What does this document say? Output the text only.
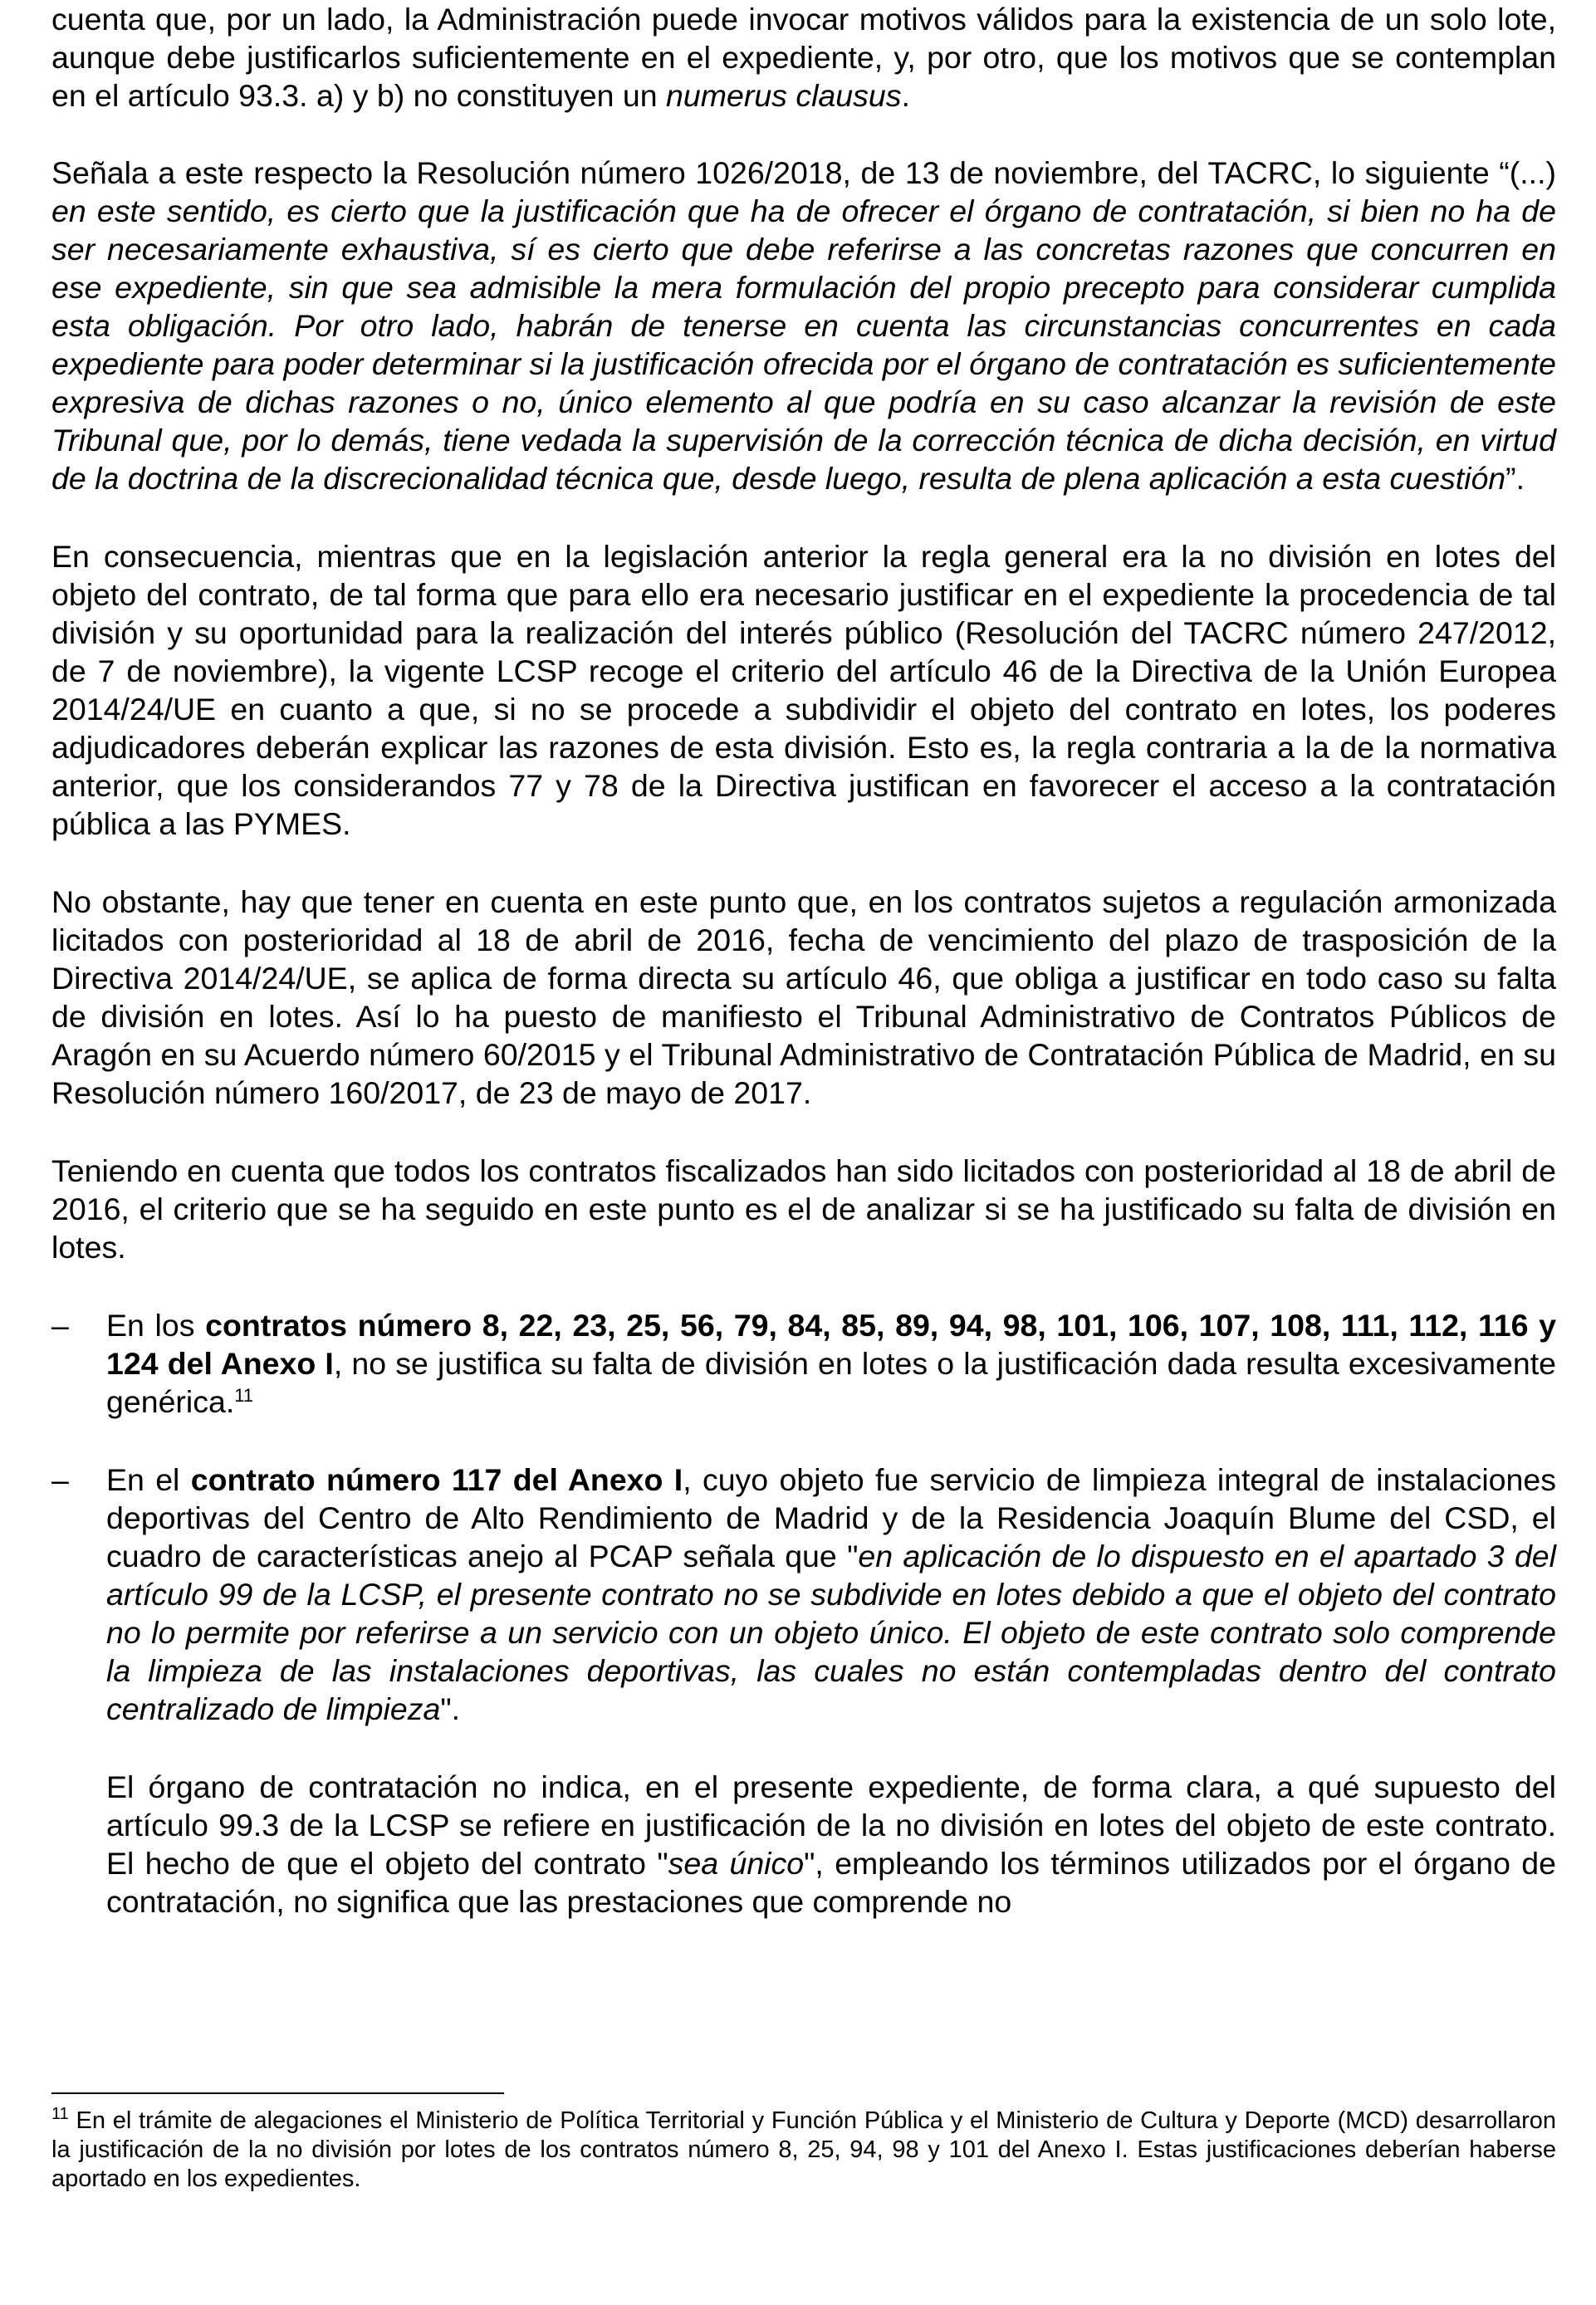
cuenta que, por un lado, la Administración puede invocar motivos válidos para la existencia de un solo lote, aunque debe justificarlos suficientemente en el expediente, y, por otro, que los motivos que se contemplan en el artículo 93.3. a) y b) no constituyen un numerus clausus.

Señala a este respecto la Resolución número 1026/2018, de 13 de noviembre, del TACRC, lo siguiente “(...) en este sentido, es cierto que la justificación que ha de ofrecer el órgano de contratación, si bien no ha de ser necesariamente exhaustiva, sí es cierto que debe referirse a las concretas razones que concurren en ese expediente, sin que sea admisible la mera formulación del propio precepto para considerar cumplida esta obligación. Por otro lado, habrán de tenerse en cuenta las circunstancias concurrentes en cada expediente para poder determinar si la justificación ofrecida por el órgano de contratación es suficientemente expresiva de dichas razones o no, único elemento al que podría en su caso alcanzar la revisión de este Tribunal que, por lo demás, tiene vedada la supervisión de la corrección técnica de dicha decisión, en virtud de la doctrina de la discrecionalidad técnica que, desde luego, resulta de plena aplicación a esta cuestión”.

En consecuencia, mientras que en la legislación anterior la regla general era la no división en lotes del objeto del contrato, de tal forma que para ello era necesario justificar en el expediente la procedencia de tal división y su oportunidad para la realización del interés público (Resolución del TACRC número 247/2012, de 7 de noviembre), la vigente LCSP recoge el criterio del artículo 46 de la Directiva de la Unión Europea 2014/24/UE en cuanto a que, si no se procede a subdividir el objeto del contrato en lotes, los poderes adjudicadores deberán explicar las razones de esta división. Esto es, la regla contraria a la de la normativa anterior, que los considerandos 77 y 78 de la Directiva justifican en favorecer el acceso a la contratación pública a las PYMES.

No obstante, hay que tener en cuenta en este punto que, en los contratos sujetos a regulación armonizada licitados con posterioridad al 18 de abril de 2016, fecha de vencimiento del plazo de trasposición de la Directiva 2014/24/UE, se aplica de forma directa su artículo 46, que obliga a justificar en todo caso su falta de división en lotes. Así lo ha puesto de manifiesto el Tribunal Administrativo de Contratos Públicos de Aragón en su Acuerdo número 60/2015 y el Tribunal Administrativo de Contratación Pública de Madrid, en su Resolución número 160/2017, de 23 de mayo de 2017.

Teniendo en cuenta que todos los contratos fiscalizados han sido licitados con posterioridad al 18 de abril de 2016, el criterio que se ha seguido en este punto es el de analizar si se ha justificado su falta de división en lotes.

– En los contratos número 8, 22, 23, 25, 56, 79, 84, 85, 89, 94, 98, 101, 106, 107, 108, 111, 112, 116 y 124 del Anexo I, no se justifica su falta de división en lotes o la justificación dada resulta excesivamente genérica.$^{11}$
– En el contrato número 117 del Anexo I, cuyo objeto fue servicio de limpieza integral de instalaciones deportivas del Centro de Alto Rendimiento de Madrid y de la Residencia Joaquín Blume del CSD, el cuadro de características anejo al PCAP señala que "en aplicación de lo dispuesto en el apartado 3 del artículo 99 de la LCSP, el presente contrato no se subdivide en lotes debido a que el objeto del contrato no lo permite por referirse a un servicio con un objeto único. El objeto de este contrato solo comprende la limpieza de las instalaciones deportivas, las cuales no están contempladas dentro del contrato centralizado de limpieza".

El órgano de contratación no indica, en el presente expediente, de forma clara, a qué supuesto del artículo 99.3 de la LCSP se refiere en justificación de la no división en lotes del objeto de este contrato. El hecho de que el objeto del contrato "sea único", empleando los términos utilizados por el órgano de contratación, no significa que las prestaciones que comprende no

$^{11}$ En el trámite de alegaciones el Ministerio de Política Territorial y Función Pública y el Ministerio de Cultura y Deporte (MCD) desarrollaron la justificación de la no división por lotes de los contratos número 8, 25, 94, 98 y 101 del Anexo I. Estas justificaciones deberían haberse aportado en los expedientes.
